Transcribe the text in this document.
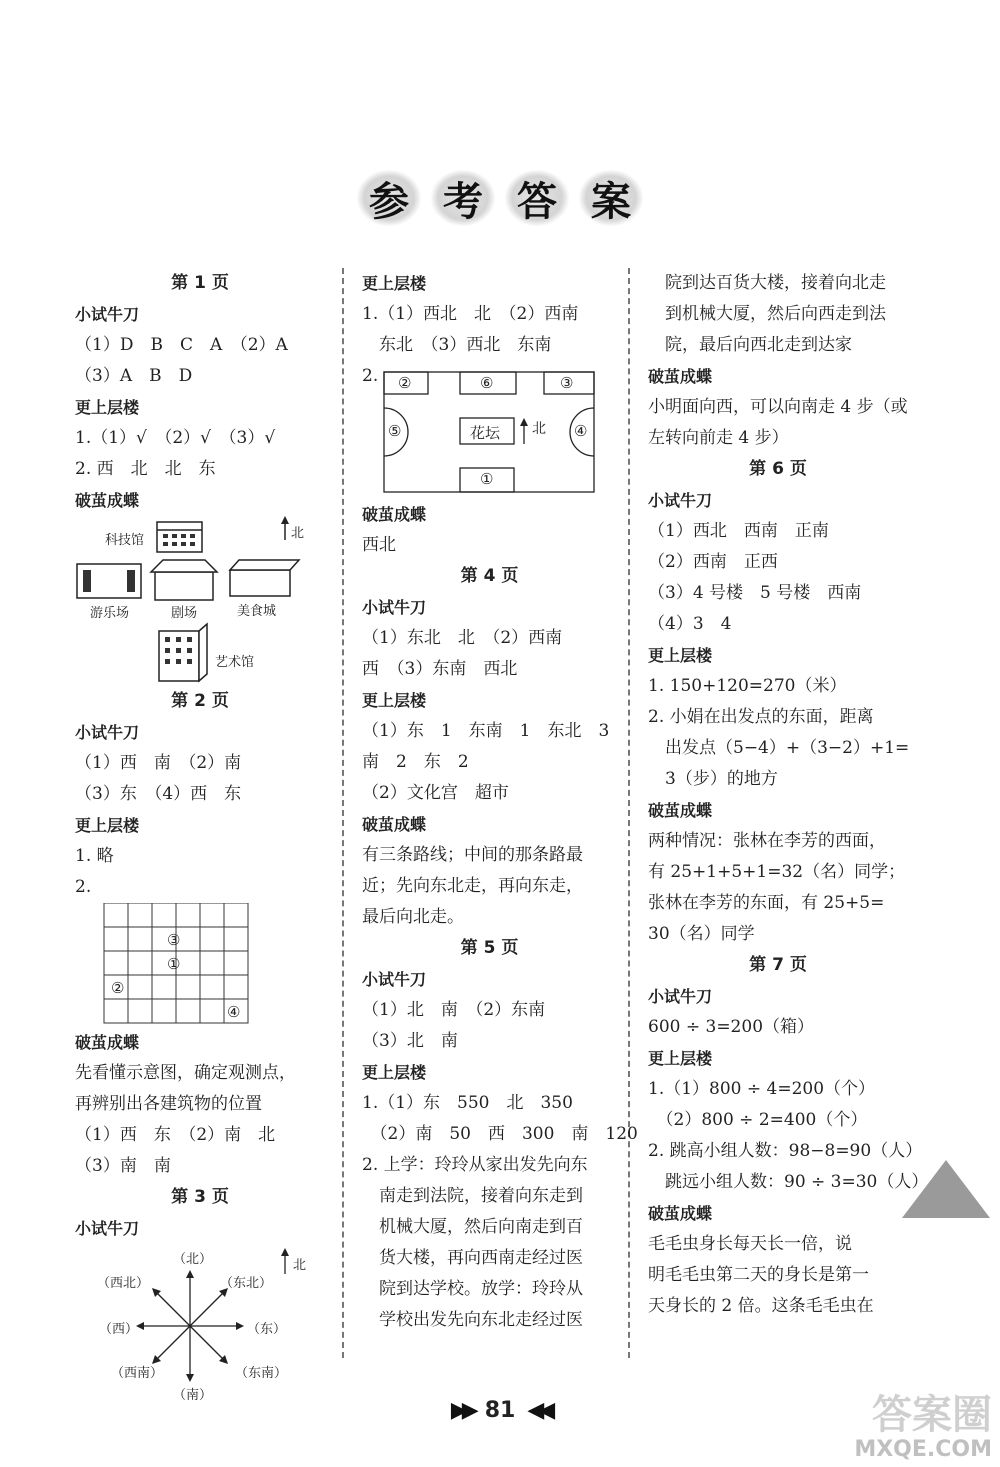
参 考 答 案
第 1 页
小试牛刀
（1）D　B　C　A　（2）A
（3）A　B　D
更上层楼
1.（1）√　（2）√　（3）√
2. 西　北　北　东
破茧成蝶
科技馆	北
游乐场	剧场	美食城
艺术馆
第 2 页
小试牛刀
（1）西　南　（2）南
（3）东　（4）西　东
更上层楼
1. 略
2.
③
①
②
④
破茧成蝶
先看懂示意图，确定观测点，
再辨别出各建筑物的位置
（1）西　东　（2）南　北
（3）南　南
第 3 页
小试牛刀
（北）
（南）
（西）	（东）
（东北）
（西北）
（东南）
（西南）
北
更上层楼
1.（1）西北　北　（2）西南
　东北　（3）西北　东南
2.	②	⑥	③
⑤	④
①
花坛 北
破茧成蝶
西北
第 4 页
小试牛刀
（1）东北　北　（2）西南
西　（3）东南　西北
更上层楼
（1）东　1　东南　1　东北　3
南　2　东　2
（2）文化宫　超市
破茧成蝶
有三条路线；中间的那条路最
近；先向东北走，再向东走，
最后向北走。
第 5 页
小试牛刀
（1）北　南　（2）东南
（3）北　南
更上层楼
1.（1）东　550　北　350
　（2）南　50　西　300　南　120
2. 上学：玲玲从家出发先向东
　南走到法院，接着向东走到
　机械大厦，然后向南走到百
　货大楼，再向西南走经过医
　院到达学校。放学：玲玲从
　学校出发先向东北走经过医
　院到达百货大楼，接着向北走
　到机械大厦，然后向西走到法
　院，最后向西北走到达家
破茧成蝶
小明面向西，可以向南走 4 步（或
左转向前走 4 步）
第 6 页
小试牛刀
（1）西北　西南　正南
（2）西南　正西
（3）4 号楼　5 号楼　西南
（4）3　4
更上层楼
1. 150+120=270（米）
2. 小娟在出发点的东面，距离
　出发点（5−4）+（3−2）+1=
　3（步）的地方
破茧成蝶
两种情况：张林在李芳的西面，
有 25+1+5+1=32（名）同学；
张林在李芳的东面，有 25+5=
30（名）同学
第 7 页
小试牛刀
600 ÷ 3=200（箱）
更上层楼
1.（1）800 ÷ 4=200（个）
　（2）800 ÷ 2=400（个）
2. 跳高小组人数：98−8=90（人）
　跳远小组人数：90 ÷ 3=30（人）
破茧成蝶
毛毛虫身长每天长一倍，说
明毛毛虫第二天的身长是第一
天身长的 2 倍。这条毛毛虫在
▶▶ 81 ◀◀	答案圈
MXQE.COM
